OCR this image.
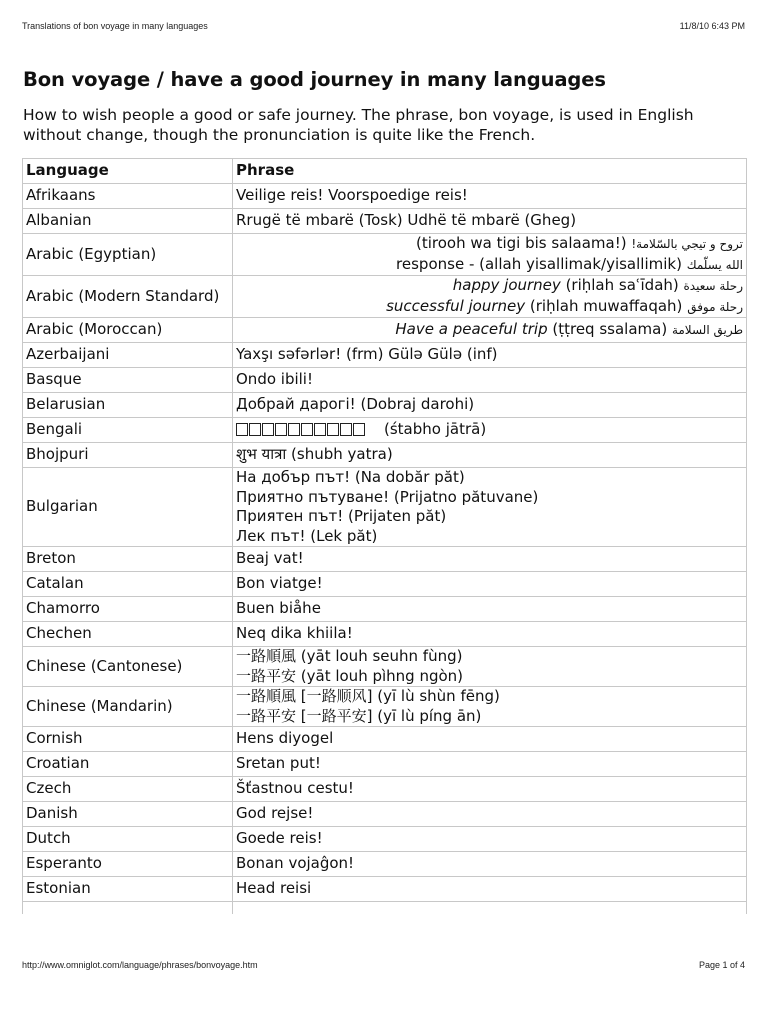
Translations of bon voyage in many languages	11/8/10 6:43 PM
Bon voyage / have a good journey in many languages

How to wish people a good or safe journey. The phrase, bon voyage, is used in English without change, though the pronunciation is quite like the French.

Language	Phrase
Afrikaans	Veilige reis! Voorspoedige reis!

Albanian	Rrugë të mbarë (Tosk) Udhë të mbarë (Gheg)

Arabic (Egyptian)	(tirooh wa tigi bis salaama!) !تروح و تيجي بالسّلامة
response - (allah yisallimak/yisallimik) الله يسلّمك

Arabic (Modern Standard)	happy journey (riḥlah saʿīdah) رحلة سعيدة
successful journey (riḥlah muwaffaqah) رحلة موفق

Arabic (Moroccan)	Have a peaceful trip (ṭṭreq ssalama) طريق السلامة

Azerbaijani	Yaxşı səfərlər! (frm) Gülə Gülə (inf)

Basque	Ondo ibili!

Belarusian	Добрай дарогі! (Dobraj darohi)

Bengali	(śtabho jātrā)

Bhojpuri	शुभ यात्रा (shubh yatra)

Bulgarian	На добър път! (Na dobăr păt)
Приятно пътуване! (Prijatno pătuvane)
Приятен път! (Prijaten păt)
Лек път! (Lek păt)

Breton	Beaj vat!

Catalan	Bon viatge!

Chamorro	Buen biåhe

Chechen	Neq dika khiila!

Chinese (Cantonese)	一路順風 (yāt louh seuhn fùng)
一路平安 (yāt louh pìhng ngòn)

Chinese (Mandarin)	一路順風 [一路顺风] (yī lù shùn fēng)
一路平安 [一路平安] (yī lù píng ān)

Cornish	Hens diyogel

Croatian	Sretan put!

Czech	Šťastnou cestu!

Danish	God rejse!

Dutch	Goede reis!

Esperanto	Bonan vojaĝon!

Estonian	Head reisi

http://www.omniglot.com/language/phrases/bonvoyage.htm	Page 1 of 4
